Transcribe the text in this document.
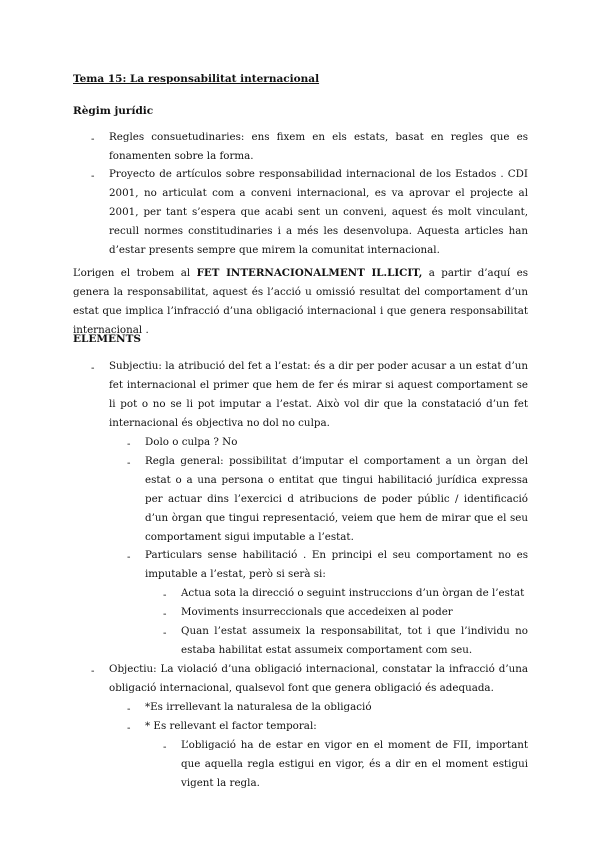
Tema 15: La responsabilitat internacional
Règim jurídic
- Regles consuetudinaries: ens fixem en els estats, basat en regles que es fonamenten sobre la forma.
- Proyecto de artículos sobre responsabilidad internacional de los Estados . CDI 2001, no articulat com a conveni internacional, es va aprovar el projecte al 2001, per tant s’espera que acabi sent un conveni, aquest és molt vinculant, recull normes constitudinaries i a més les desenvolupa. Aquesta articles han d’estar presents sempre que mirem la comunitat internacional.
L’origen el trobem al FET INTERNACIONALMENT IL.LICIT, a partir d’aquí es genera la responsabilitat, aquest és l’acció u omissió resultat del comportament d’un estat que implica l’infracció d’una obligació internacional i que genera responsabilitat internacional .
ELEMENTS
- Subjectiu: la atribució del fet a l’estat: és a dir per poder acusar a un estat d’un fet internacional el primer que hem de fer és mirar si aquest comportament se li pot o no se li pot imputar a l’estat. Això vol dir que la constatació d’un fet internacional és objectiva no dol no culpa.
- Dolo o culpa ? No
- Regla general: possibilitat d’imputar el comportament a un òrgan del estat o a una persona o entitat que tingui habilitació jurídica expressa per actuar dins l’exercici d atribucions de poder públic / identificació d’un òrgan que tingui representació, veiem que hem de mirar que el seu comportament sigui imputable a l’estat.
- Particulars sense habilitació . En principi el seu comportament no es imputable a l’estat, però si serà si:
- Actua sota la direcció o seguint instruccions d’un òrgan de l’estat
- Moviments insurreccionals que accedeixen al poder
- Quan l’estat assumeix la responsabilitat, tot i que l’individu no estaba habilitat estat assumeix comportament com seu.
- Objectiu: La violació d’una obligació internacional, constatar la infracció d’una obligació internacional, qualsevol font que genera obligació és adequada.
- *Es irrellevant la naturalesa de la obligació
- * Es rellevant el factor temporal:
- L’obligació ha de estar en vigor en el moment de FII, important que aquella regla estigui en vigor, és a dir en el moment estigui vigent la regla.
